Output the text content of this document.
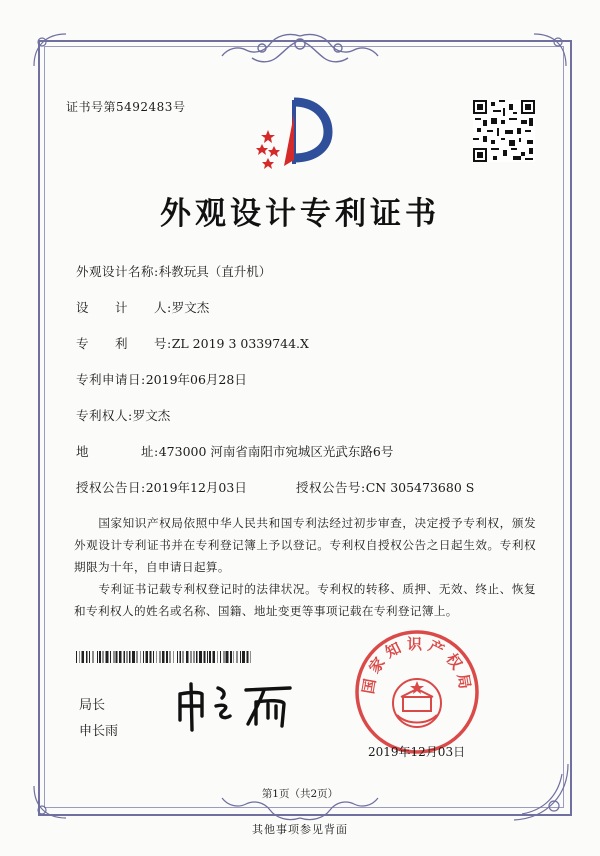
证书号第5492483号
外观设计专利证书
外观设计名称:科教玩具（直升机）
设　　计　　人:罗文杰
专　　利　　号:ZL 2019 3 0339744.X
专利申请日:2019年06月28日
专利权人:罗文杰
地　　　　址:473000 河南省南阳市宛城区光武东路6号
授权公告日:2019年12月03日	授权公告号:CN 305473680 S
　　国家知识产权局依照中华人民共和国专利法经过初步审查，决定授予专利权，颁发外观设计专利证书并在专利登记簿上予以登记。专利权自授权公告之日起生效。专利权期限为十年，自申请日起算。
　　专利证书记载专利权登记时的法律状况。专利权的转移、质押、无效、终止、恢复和专利权人的姓名或名称、国籍、地址变更等事项记载在专利登记簿上。
局长
申长雨
国家知识产权局
2019年12月03日
第1页（共2页）
其他事项参见背面
